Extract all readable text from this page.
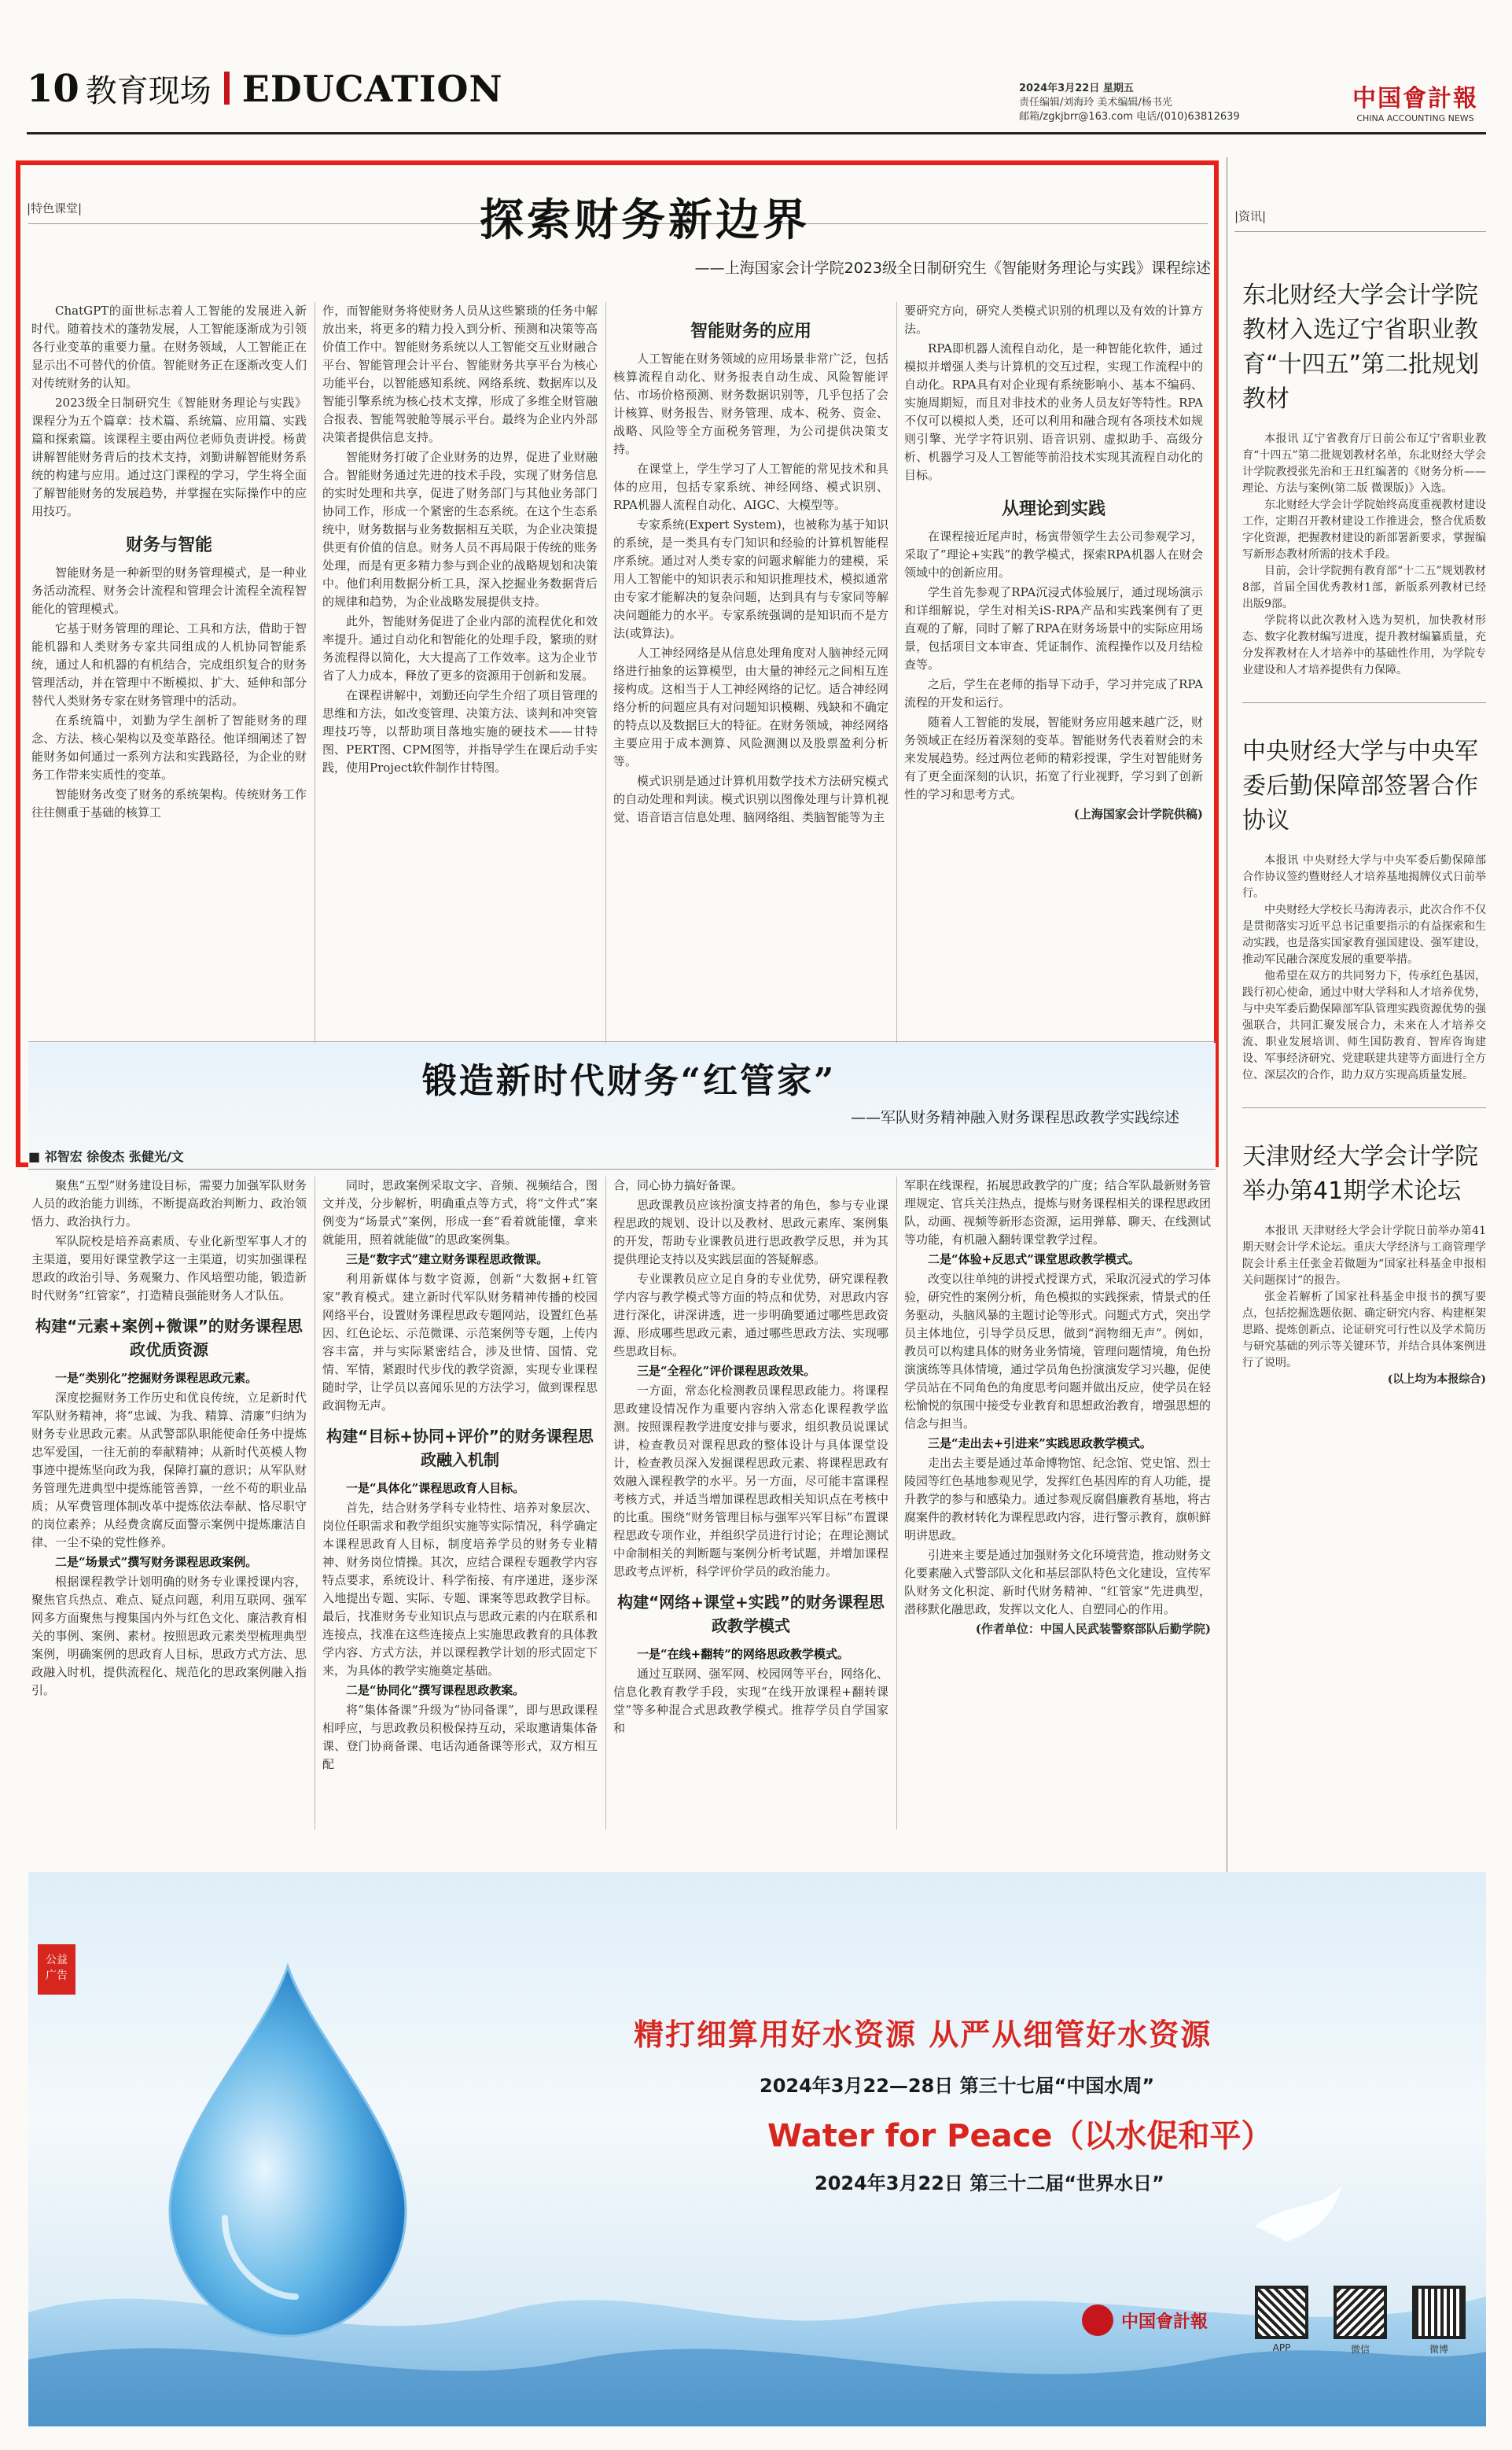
10 教育现场 EDUCATION	2024年3月22日 星期五
责任编辑/刘海玲 美术编辑/杨书光
邮箱/zgkjbrr@163.com 电话/(010)63812639
中国會計報
CHINA ACCOUNTING NEWS
|特色课堂|	探索财务新边界
——上海国家会计学院2023级全日制研究生《智能财务理论与实践》课程综述

ChatGPT的面世标志着人工智能的发展进入新时代。随着技术的蓬勃发展，人工智能逐渐成为引领各行业变革的重要力量。在财务领域，人工智能正在显示出不可替代的价值。智能财务正在逐渐改变人们对传统财务的认知。

2023级全日制研究生《智能财务理论与实践》课程分为五个篇章：技术篇、系统篇、应用篇、实践篇和探索篇。该课程主要由两位老师负责讲授。杨黄讲解智能财务背后的技术支持，刘勤讲解智能财务系统的构建与应用。通过这门课程的学习，学生将全面了解智能财务的发展趋势，并掌握在实际操作中的应用技巧。

财务与智能

智能财务是一种新型的财务管理模式，是一种业务活动流程、财务会计流程和管理会计流程全流程智能化的管理模式。

它基于财务管理的理论、工具和方法，借助于智能机器和人类财务专家共同组成的人机协同智能系统，通过人和机器的有机结合，完成组织复合的财务管理活动，并在管理中不断模拟、扩大、延伸和部分替代人类财务专家在财务管理中的活动。

在系统篇中，刘勤为学生剖析了智能财务的理念、方法、核心架构以及变革路径。他详细阐述了智能财务如何通过一系列方法和实践路径，为企业的财务工作带来实质性的变革。

智能财务改变了财务的系统架构。传统财务工作往往侧重于基础的核算工

作，而智能财务将使财务人员从这些繁琐的任务中解放出来，将更多的精力投入到分析、预测和决策等高价值工作中。智能财务系统以人工智能交互业财融合平台、智能管理会计平台、智能财务共享平台为核心功能平台，以智能感知系统、网络系统、数据库以及智能引擎系统为核心技术支撑，形成了多维全财管融合报表、智能驾驶舱等展示平台。最终为企业内外部决策者提供信息支持。

智能财务打破了企业财务的边界，促进了业财融合。智能财务通过先进的技术手段，实现了财务信息的实时处理和共享，促进了财务部门与其他业务部门协同工作，形成一个紧密的生态系统。在这个生态系统中，财务数据与业务数据相互关联，为企业决策提供更有价值的信息。财务人员不再局限于传统的账务处理，而是有更多精力参与到企业的战略规划和决策中。他们利用数据分析工具，深入挖掘业务数据背后的规律和趋势，为企业战略发展提供支持。

此外，智能财务促进了企业内部的流程优化和效率提升。通过自动化和智能化的处理手段，繁琐的财务流程得以简化，大大提高了工作效率。这为企业节省了人力成本，释放了更多的资源用于创新和发展。

在课程讲解中，刘勤还向学生介绍了项目管理的思维和方法，如改变管理、决策方法、谈判和冲突管理技巧等，以帮助项目落地实施的硬技术——甘特图、PERT图、CPM图等，并指导学生在课后动手实践，使用Project软件制作甘特图。

智能财务的应用

人工智能在财务领域的应用场景非常广泛，包括核算流程自动化、财务报表自动生成、风险智能评估、市场价格预测、财务数据识别等，几乎包括了会计核算、财务报告、财务管理、成本、税务、资金、战略、风险等全方面税务管理，为公司提供决策支持。

在课堂上，学生学习了人工智能的常见技术和具体的应用，包括专家系统、神经网络、模式识别、RPA机器人流程自动化、AIGC、大模型等。

专家系统(Expert System)，也被称为基于知识的系统，是一类具有专门知识和经验的计算机智能程序系统。通过对人类专家的问题求解能力的建模，采用人工智能中的知识表示和知识推理技术，模拟通常由专家才能解决的复杂问题，达到具有与专家同等解决问题能力的水平。专家系统强调的是知识而不是方法(或算法)。

人工神经网络是从信息处理角度对人脑神经元网络进行抽象的运算模型，由大量的神经元之间相互连接构成。这相当于人工神经网络的记忆。适合神经网络分析的问题应具有对问题知识模糊、残缺和不确定的特点以及数据巨大的特征。在财务领域，神经网络主要应用于成本测算、风险测测以及股票盈利分析等。

模式识别是通过计算机用数学技术方法研究模式的自动处理和判读。模式识别以图像处理与计算机视觉、语音语言信息处理、脑网络组、类脑智能等为主

要研究方向，研究人类模式识别的机理以及有效的计算方法。

RPA即机器人流程自动化，是一种智能化软件，通过模拟并增强人类与计算机的交互过程，实现工作流程中的自动化。RPA具有对企业现有系统影响小、基本不编码、实施周期短，而且对非技术的业务人员友好等特性。RPA不仅可以模拟人类，还可以利用和融合现有各项技术如规则引擎、光学字符识别、语音识别、虚拟助手、高级分析、机器学习及人工智能等前沿技术实现其流程自动化的目标。

从理论到实践

在课程接近尾声时，杨寅带领学生去公司参观学习，采取了“理论+实践”的教学模式，探索RPA机器人在财会领域中的创新应用。

学生首先参观了RPA沉浸式体验展厅，通过现场演示和详细解说，学生对相关iS-RPA产品和实践案例有了更直观的了解，同时了解了RPA在财务场景中的实际应用场景，包括项目文本审查、凭证制作、流程操作以及月结检查等。

之后，学生在老师的指导下动手，学习并完成了RPA流程的开发和运行。

随着人工智能的发展，智能财务应用越来越广泛，财务领域正在经历着深刻的变革。智能财务代表着财会的未来发展趋势。经过两位老师的精彩授课，学生对智能财务有了更全面深刻的认识，拓宽了行业视野，学习到了创新性的学习和思考方式。

(上海国家会计学院供稿)

锻造新时代财务“红管家”
——军队财务精神融入财务课程思政教学实践综述
■ 祁智宏 徐俊杰 张健光/文

聚焦“五型”财务建设目标，需要力加强军队财务人员的政治能力训练，不断提高政治判断力、政治领悟力、政治执行力。

军队院校是培养高素质、专业化新型军事人才的主渠道，要用好课堂教学这一主渠道，切实加强课程思政的政治引导、务观聚力、作风培塑功能，锻造新时代财务“红管家”，打造精良强能财务人才队伍。

构建“元素+案例+微课”的财务课程思政优质资源

一是“类别化”挖掘财务课程思政元素。

深度挖掘财务工作历史和优良传统，立足新时代军队财务精神，将“忠诚、为我、精算、清廉”归纳为财务专业思政元素。从武警部队职能使命任务中提炼忠军爱国，一往无前的奉献精神；从新时代英模人物事迹中提炼坚向政为我，保障打赢的意识；从军队财务管理先进典型中提炼能管善算，一丝不苟的职业品质；从军费管理体制改革中提炼依法奉献、恪尽职守的岗位素养；从经费贪腐反面警示案例中提炼廉洁自律、一尘不染的党性修养。

二是“场景式”撰写财务课程思政案例。

根据课程教学计划明确的财务专业课授课内容，聚焦官兵热点、难点、疑点问题，利用互联网、强军网多方面聚焦与搜集国内外与红色文化、廉洁教育相关的事例、案例、素材。按照思政元素类型梳理典型案例，明确案例的思政育人目标，思政方式方法、思政融入时机，提供流程化、规范化的思政案例融入指引。

同时，思政案例采取文字、音频、视频结合，图文并茂，分步解析，明确重点等方式，将“文件式”案例变为“场景式”案例，形成一套“看着就能懂，拿来就能用，照着就能做”的思政案例集。

三是“数字式”建立财务课程思政微课。

利用新媒体与数字资源，创新“大数据+红管家”教育模式。建立新时代军队财务精神传播的校园网络平台，设置财务课程思政专题网站，设置红色基因、红色论坛、示范微课、示范案例等专题，上传内容丰富，并与实际紧密结合，涉及世情、国情、党情、军情，紧跟时代步伐的教学资源，实现专业课程随时学，让学员以喜闻乐见的方法学习，做到课程思政润物无声。

构建“目标+协同+评价”的财务课程思政融入机制

一是“具体化”课程思政育人目标。

首先，结合财务学科专业特性、培养对象层次、岗位任职需求和教学组织实施等实际情况，科学确定本课程思政育人目标，制度培养学员的财务专业精神、财务岗位情操。其次，应结合课程专题教学内容特点要求，系统设计、科学衔接、有序递进，逐步深入地提出专题、实际、专题、课案等思政教学目标。最后，找准财务专业知识点与思政元素的内在联系和连接点，找准在这些连接点上实施思政教育的具体教学内容、方式方法，并以课程教学计划的形式固定下来，为具体的教学实施奠定基础。

二是“协同化”撰写课程思政教案。

将“集体备课”升级为“协同备课”，即与思政课程相呼应，与思政教员积极保持互动，采取邀请集体备课、登门协商备课、电话沟通备课等形式，双方相互配

合，同心协力搞好备课。

思政课教员应该扮演支持者的角色，参与专业课程思政的规划、设计以及教材、思政元素库、案例集的开发，帮助专业课教员进行思政教学反思，并为其提供理论支持以及实践层面的答疑解惑。

专业课教员应立足自身的专业优势，研究课程教学内容与教学模式等方面的特点和优势，对思政内容进行深化，讲深讲透，进一步明确要通过哪些思政资源、形成哪些思政元素，通过哪些思政方法、实现哪些思政目标。

三是“全程化”评价课程思政效果。

一方面，常态化检测教员课程思政能力。将课程思政建设情况作为重要内容纳入常态化课程教学监测。按照课程教学进度安排与要求，组织教员说课试讲，检查教员对课程思政的整体设计与具体课堂设计，检查教员深入发掘课程思政元素、将课程思政有效融入课程教学的水平。另一方面，尽可能丰富课程考核方式，并适当增加课程思政相关知识点在考核中的比重。围绕“财务管理目标与强军兴军目标”布置课程思政专项作业，并组织学员进行讨论；在理论测试中命制相关的判断题与案例分析考试题，并增加课程思政考点评析，科学评价学员的政治能力。

构建“网络+课堂+实践”的财务课程思政教学模式

一是“在线+翻转”的网络思政教学模式。

通过互联网、强军网、校园网等平台，网络化、信息化教育教学手段，实现“在线开放课程+翻转课堂”等多种混合式思政教学模式。推荐学员自学国家和

军职在线课程，拓展思政教学的广度；结合军队最新财务管理规定、官兵关注热点，提炼与财务课程相关的课程思政团队，动画、视频等新形态资源，运用弹幕、聊天、在线测试等功能，有机融入翻转课堂教学过程。

二是“体验+反思式”课堂思政教学模式。

改变以往单纯的讲授式授课方式，采取沉浸式的学习体验，研究性的案例分析，角色模拟的实践探索，情景式的任务驱动，头脑风暴的主题讨论等形式。问题式方式，突出学员主体地位，引导学员反思，做到“润物细无声”。例如，教员可以构建具体的财务业务情境，管理问题情境，角色扮演演练等具体情境，通过学员角色扮演演发学习兴趣，促使学员站在不同角色的角度思考问题并做出反应，使学员在轻松愉悦的氛围中接受专业教育和思想政治教育，增强思想的信念与担当。

三是“走出去+引进来”实践思政教学模式。

走出去主要是通过革命博物馆、纪念馆、党史馆、烈士陵园等红色基地参观见学，发挥红色基因库的育人功能，提升教学的参与和感染力。通过参观反腐倡廉教育基地，将古腐案件的教材转化为课程思政内容，进行警示教育，旗帜鲜明讲思政。

引进来主要是通过加强财务文化环境营造，推动财务文化要素融入式警部队文化和基层部队特色文化建设，宣传军队财务文化积淀、新时代财务精神、“红管家”先进典型，潜移默化融思政，发挥以文化人、自塑同心的作用。

(作者单位：中国人民武装警察部队后勤学院)

|资讯|
东北财经大学会计学院教材入选辽宁省职业教育“十四五”第二批规划教材

本报讯 辽宁省教育厅日前公布辽宁省职业教育“十四五”第二批规划教材名单，东北财经大学会计学院教授张先治和王丑红编著的《财务分析——理论、方法与案例(第二版 微课版)》入选。

东北财经大学会计学院始终高度重视教材建设工作，定期召开教材建设工作推进会，整合优质数字化资源，把握教材建设的新部署新要求，掌握编写新形态教材所需的技术手段。

目前，会计学院拥有教育部“十二五”规划教材8部，首届全国优秀教材1部，新版系列教材已经出版9部。

学院将以此次教材入选为契机，加快教材形态、数字化教材编写进度，提升教材编纂质量，充分发挥教材在人才培养中的基础性作用，为学院专业建设和人才培养提供有力保障。

中央财经大学与中央军委后勤保障部签署合作协议

本报讯 中央财经大学与中央军委后勤保障部合作协议签约暨财经人才培养基地揭牌仪式日前举行。

中央财经大学校长马海涛表示，此次合作不仅是贯彻落实习近平总书记重要指示的有益探索和生动实践，也是落实国家教育强国建设、强军建设，推动军民融合深度发展的重要举措。

他希望在双方的共同努力下，传承红色基因，践行初心使命，通过中财大学科和人才培养优势，与中央军委后勤保障部军队管理实践资源优势的强强联合，共同汇聚发展合力，未来在人才培养交流、职业发展培训、师生国防教育、智库咨询建设、军事经济研究、党建联建共建等方面进行全方位、深层次的合作，助力双方实现高质量发展。

天津财经大学会计学院举办第41期学术论坛

本报讯 天津财经大学会计学院日前举办第41期天财会计学术论坛。重庆大学经济与工商管理学院会计系主任张金若做题为“国家社科基金申报相关问题探讨”的报告。

张金若解析了国家社科基金申报书的撰写要点，包括挖掘选题依据、确定研究内容、构建框架思路、提炼创新点、论证研究可行性以及学术简历与研究基础的列示等关键环节，并结合具体案例进行了说明。

(以上均为本报综合)

公益
广告
精打细算用好水资源 从严从细管好水资源
2024年3月22—28日 第三十七届“中国水周”
Water for Peace（以水促和平）
2024年3月22日 第三十二届“世界水日”
中国會計報
APP	微信	微博
